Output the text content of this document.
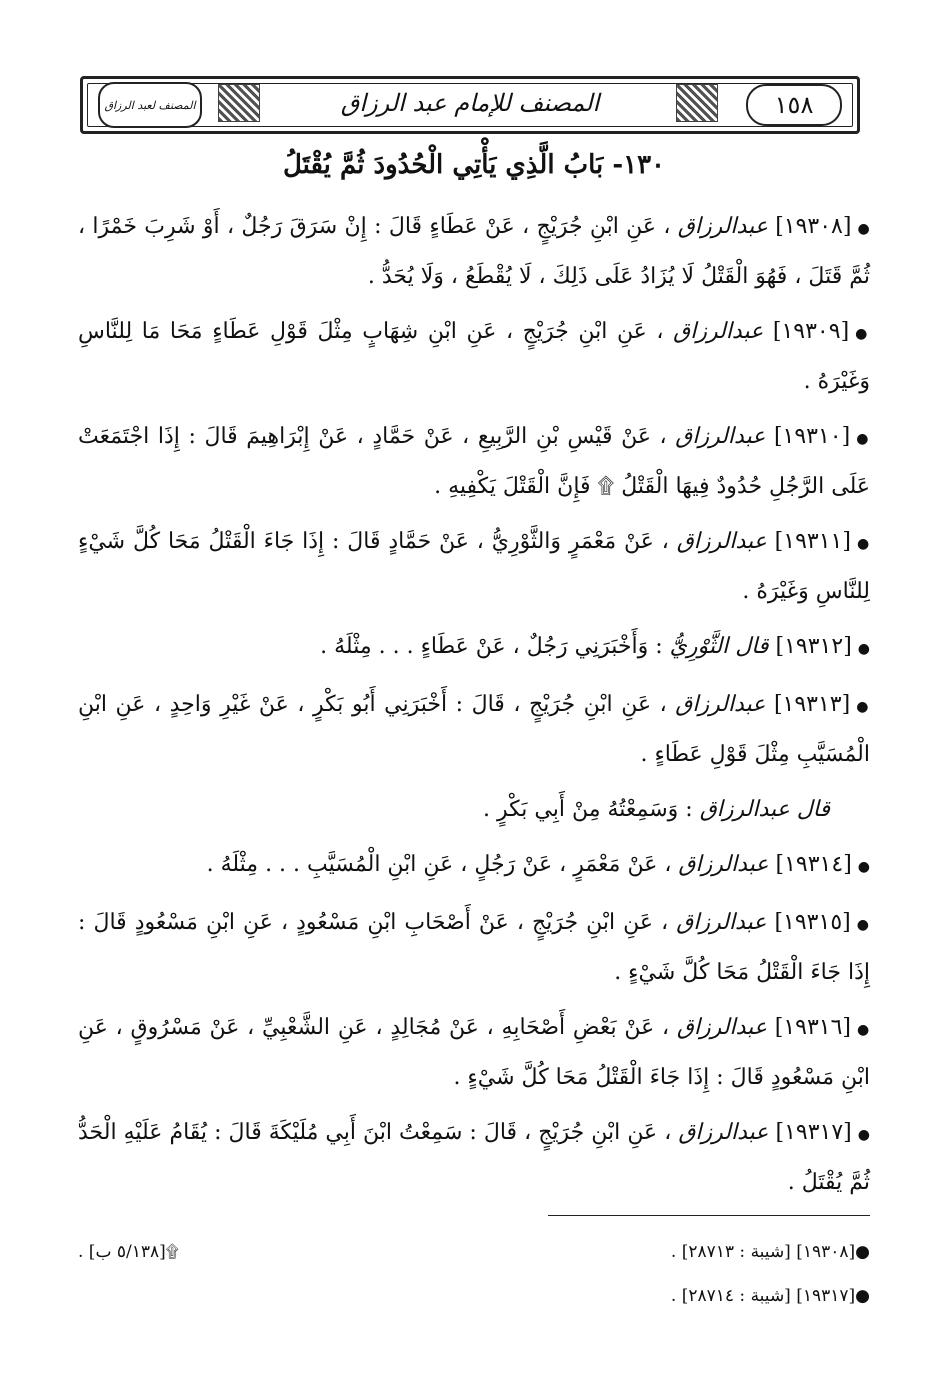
١٥٨
المصنف للإمام عبد الرزاق
المصنف لعبد الرزاق
١٣٠- بَابُ الَّذِي يَأْتِي الْحُدُودَ ثُمَّ يُقْتَلُ
●[١٩٣٠٨] عبدالرزاق ، عَنِ ابْنِ جُرَيْجٍ ، عَنْ عَطَاءٍ قَالَ : إِنْ سَرَقَ رَجُلٌ ، أَوْ شَرِبَ خَمْرًا ، ثُمَّ قَتَلَ ، فَهُوَ الْقَتْلُ لَا يُزَادُ عَلَى ذَلِكَ ، لَا يُقْطَعُ ، وَلَا يُحَدُّ .
●[١٩٣٠٩] عبدالرزاق ، عَنِ ابْنِ جُرَيْجٍ ، عَنِ ابْنِ شِهَابٍ مِثْلَ قَوْلِ عَطَاءٍ مَحَا مَا لِلنَّاسِ وَغَيْرَهُ .
●[١٩٣١٠] عبدالرزاق ، عَنْ قَيْسِ بْنِ الرَّبِيعِ ، عَنْ حَمَّادٍ ، عَنْ إِبْرَاهِيمَ قَالَ : إِذَا اجْتَمَعَتْ عَلَى الرَّجُلِ حُدُودٌ فِيهَا الْقَتْلُ ۩ فَإِنَّ الْقَتْلَ يَكْفِيهِ .
●[١٩٣١١] عبدالرزاق ، عَنْ مَعْمَرٍ وَالثَّوْرِيُّ ، عَنْ حَمَّادٍ قَالَ : إِذَا جَاءَ الْقَتْلُ مَحَا كُلَّ شَيْءٍ لِلنَّاسِ وَغَيْرَهُ .
●[١٩٣١٢] قال الثَّوْرِيُّ : وَأَخْبَرَنِي رَجُلٌ ، عَنْ عَطَاءٍ . . . مِثْلَهُ .
●[١٩٣١٣] عبدالرزاق ، عَنِ ابْنِ جُرَيْجٍ ، قَالَ : أَخْبَرَنِي أَبُو بَكْرٍ ، عَنْ غَيْرِ وَاحِدٍ ، عَنِ ابْنِ الْمُسَيَّبِ مِثْلَ قَوْلِ عَطَاءٍ .
قال عبدالرزاق : وَسَمِعْتُهُ مِنْ أَبِي بَكْرٍ .
●[١٩٣١٤] عبدالرزاق ، عَنْ مَعْمَرٍ ، عَنْ رَجُلٍ ، عَنِ ابْنِ الْمُسَيَّبِ . . . مِثْلَهُ .
●[١٩٣١٥] عبدالرزاق ، عَنِ ابْنِ جُرَيْجٍ ، عَنْ أَصْحَابِ ابْنِ مَسْعُودٍ ، عَنِ ابْنِ مَسْعُودٍ قَالَ : إِذَا جَاءَ الْقَتْلُ مَحَا كُلَّ شَيْءٍ .
●[١٩٣١٦] عبدالرزاق ، عَنْ بَعْضِ أَصْحَابِهِ ، عَنْ مُجَالِدٍ ، عَنِ الشَّعْبِيِّ ، عَنْ مَسْرُوقٍ ، عَنِ ابْنِ مَسْعُودٍ قَالَ : إِذَا جَاءَ الْقَتْلُ مَحَا كُلَّ شَيْءٍ .
●[١٩٣١٧] عبدالرزاق ، عَنِ ابْنِ جُرَيْجٍ ، قَالَ : سَمِعْتُ ابْنَ أَبِي مُلَيْكَةَ قَالَ : يُقَامُ عَلَيْهِ الْحَدُّ ثُمَّ يُقْتَلُ .
●[١٩٣٠٨] [شيبة : ٢٨٧١٣] .
۩[٥/١٣٨ ب] .
●[١٩٣١٧] [شيبة : ٢٨٧١٤] .
